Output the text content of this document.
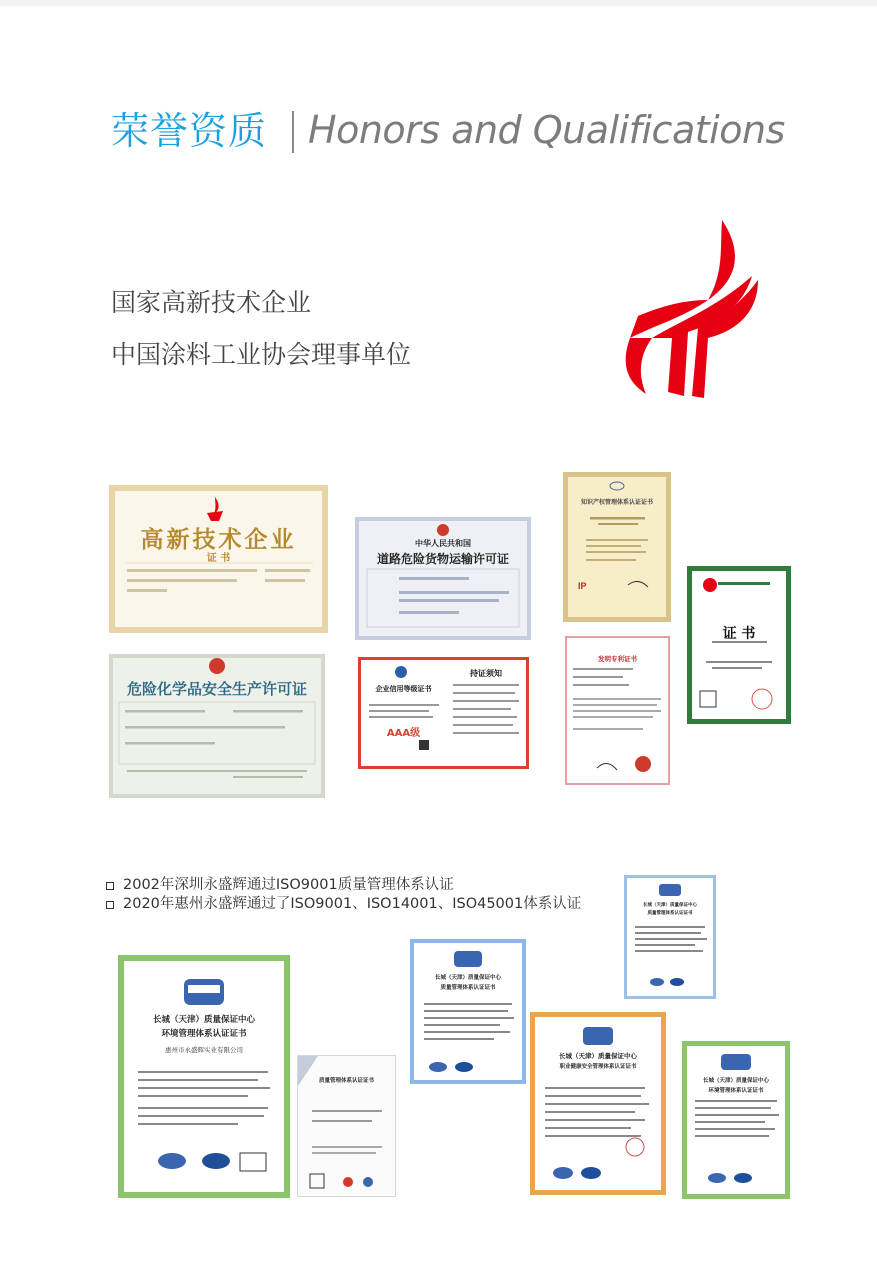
荣誉资质 Honors and Qualifications
国家高新技术企业
中国涂料工业协会理事单位
高新技术企业
证 书
中华人民共和国
道路危险货物运输许可证
IP
知识产权管理体系认证证书
证 书
危险化学品安全生产许可证	企业信用等级证书
AAA级
持证须知
发明专利证书
2002年深圳永盛辉通过ISO9001质量管理体系认证
2020年惠州永盛辉通过了ISO9001、ISO14001、ISO45001体系认证
长城（天津）质量保证中心
环境管理体系认证证书
惠州市永盛辉实业有限公司
质量管理体系认证证书
长城（天津）质量保证中心
质量管理体系认证证书
长城（天津）质量保证中心
质量管理体系认证证书
长城（天津）质量保证中心
职业健康安全管理体系认证证书
长城（天津）质量保证中心
环境管理体系认证证书
